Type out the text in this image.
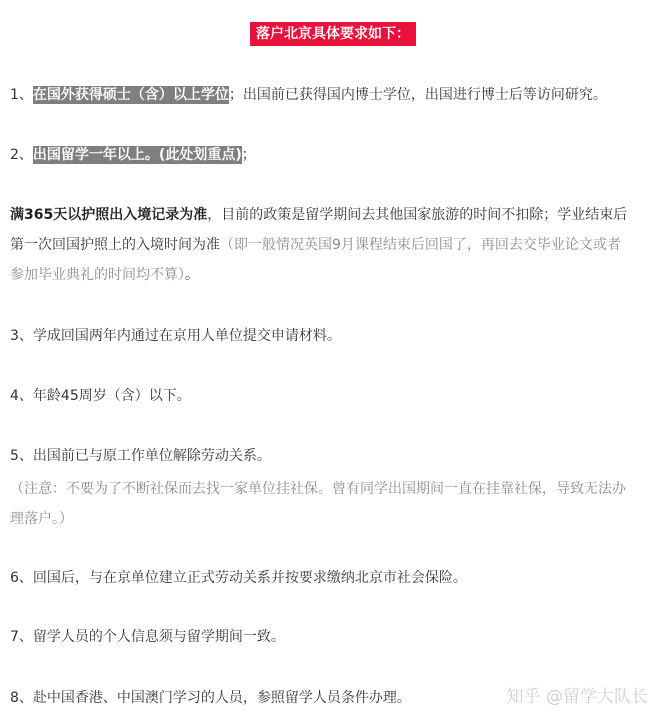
落户北京具体要求如下：
1、在国外获得硕士（含）以上学位；出国前已获得国内博士学位，出国进行博士后等访问研究。
2、出国留学一年以上。(此处划重点)；
满365天以护照出入境记录为准，目前的政策是留学期间去其他国家旅游的时间不扣除；学业结束后
第一次回国护照上的入境时间为准（即一般情况英国9月课程结束后回国了，再回去交毕业论文或者
参加毕业典礼的时间均不算）。
3、学成回国两年内通过在京用人单位提交申请材料。
4、年龄45周岁（含）以下。
5、出国前已与原工作单位解除劳动关系。
（注意：不要为了不断社保而去找一家单位挂社保。曾有同学出国期间一直在挂靠社保，导致无法办
理落户。）
6、回国后，与在京单位建立正式劳动关系并按要求缴纳北京市社会保险。
7、留学人员的个人信息须与留学期间一致。
8、赴中国香港、中国澳门学习的人员，参照留学人员条件办理。	知乎 @留学大队长
